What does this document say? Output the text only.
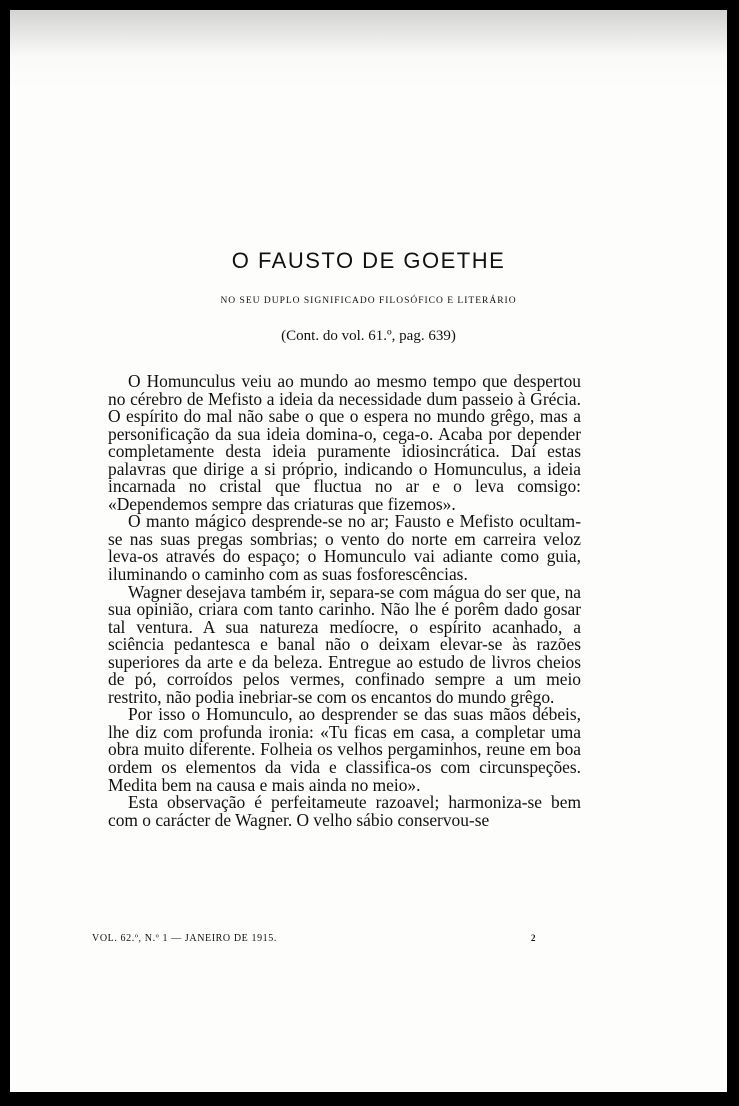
O FAUSTO DE GOETHE
NO SEU DUPLO SIGNIFICADO FILOSÓFICO E LITERÁRIO
(Cont. do vol. 61.º, pag. 639)

O Homunculus veiu ao mundo ao mesmo tempo que despertou no cérebro de Mefisto a ideia da necessidade dum passeio à Grécia. O espírito do mal não sabe o que o espera no mundo grêgo, mas a personificação da sua ideia domina-o, cega-o. Acaba por depender completamente desta ideia puramente idiosincrática. Daí estas palavras que dirige a si próprio, indicando o Homunculus, a ideia incarnada no cristal que fluctua no ar e o leva comsigo: «Dependemos sempre das criaturas que fizemos».

O manto mágico desprende-se no ar; Fausto e Mefisto ocultam-se nas suas pregas sombrias; o vento do norte em carreira veloz leva-os através do espaço; o Homunculo vai adiante como guia, iluminando o caminho com as suas fosforescências.

Wagner desejava também ir, separa-se com mágua do ser que, na sua opinião, criara com tanto carinho. Não lhe é porêm dado gosar tal ventura. A sua natureza medíocre, o espírito acanhado, a sciência pedantesca e banal não o deixam elevar-se às razões superiores da arte e da beleza. Entregue ao estudo de livros cheios de pó, corroídos pelos vermes, confinado sempre a um meio restrito, não podia inebriar-se com os encantos do mundo grêgo.

Por isso o Homunculo, ao desprender se das suas mãos débeis, lhe diz com profunda ironia: «Tu ficas em casa, a completar uma obra muito diferente. Folheia os velhos pergaminhos, reune em boa ordem os elementos da vida e classifica-os com circunspeções. Medita bem na causa e mais ainda no meio».

Esta observação é perfeitameute razoavel; harmoniza-se bem com o carácter de Wagner. O velho sábio conservou-se

VOL. 62.º, N.º 1 — JANEIRO DE 1915.	2
